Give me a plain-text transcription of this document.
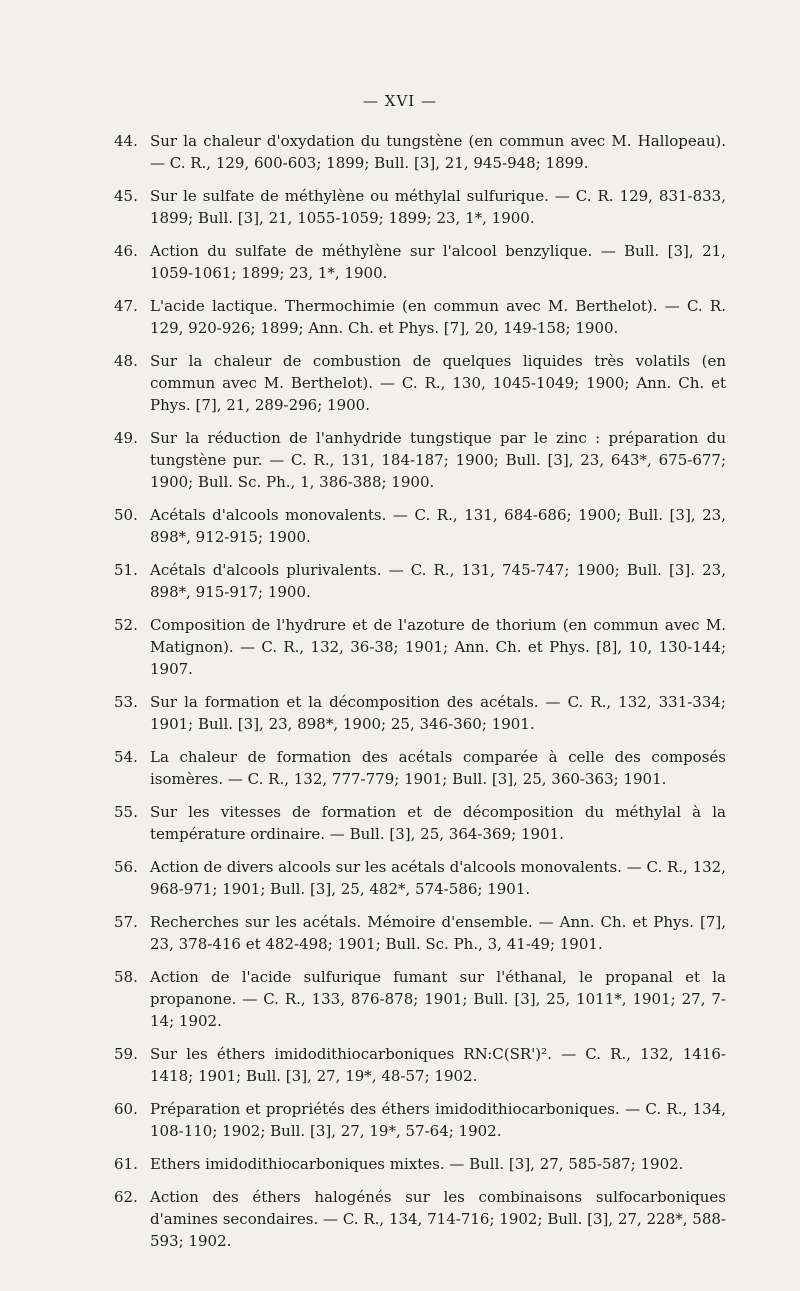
— XVI —
44. Sur la chaleur d'oxydation du tungstène (en commun avec M. Hallopeau). — C. R., 129, 600-603; 1899; Bull. [3], 21, 945-948; 1899.
45. Sur le sulfate de méthylène ou méthylal sulfurique. — C. R. 129, 831-833, 1899; Bull. [3], 21, 1055-1059; 1899; 23, 1*, 1900.
46. Action du sulfate de méthylène sur l'alcool benzylique. — Bull. [3], 21, 1059-1061; 1899; 23, 1*, 1900.
47. L'acide lactique. Thermochimie (en commun avec M. Berthelot). — C. R. 129, 920-926; 1899; Ann. Ch. et Phys. [7], 20, 149-158; 1900.
48. Sur la chaleur de combustion de quelques liquides très volatils (en commun avec M. Berthelot). — C. R., 130, 1045-1049; 1900; Ann. Ch. et Phys. [7], 21, 289-296; 1900.
49. Sur la réduction de l'anhydride tungstique par le zinc : préparation du tungstène pur. — C. R., 131, 184-187; 1900; Bull. [3], 23, 643*, 675-677; 1900; Bull. Sc. Ph., 1, 386-388; 1900.
50. Acétals d'alcools monovalents. — C. R., 131, 684-686; 1900; Bull. [3], 23, 898*, 912-915; 1900.
51. Acétals d'alcools plurivalents. — C. R., 131, 745-747; 1900; Bull. [3]. 23, 898*, 915-917; 1900.
52. Composition de l'hydrure et de l'azoture de thorium (en commun avec M. Matignon). — C. R., 132, 36-38; 1901; Ann. Ch. et Phys. [8], 10, 130-144; 1907.
53. Sur la formation et la décomposition des acétals. — C. R., 132, 331-334; 1901; Bull. [3], 23, 898*, 1900; 25, 346-360; 1901.
54. La chaleur de formation des acétals comparée à celle des composés isomères. — C. R., 132, 777-779; 1901; Bull. [3], 25, 360-363; 1901.
55. Sur les vitesses de formation et de décomposition du méthylal à la température ordinaire. — Bull. [3], 25, 364-369; 1901.
56. Action de divers alcools sur les acétals d'alcools monovalents. — C. R., 132, 968-971; 1901; Bull. [3], 25, 482*, 574-586; 1901.
57. Recherches sur les acétals. Mémoire d'ensemble. — Ann. Ch. et Phys. [7], 23, 378-416 et 482-498; 1901; Bull. Sc. Ph., 3, 41-49; 1901.
58. Action de l'acide sulfurique fumant sur l'éthanal, le propanal et la propanone. — C. R., 133, 876-878; 1901; Bull. [3], 25, 1011*, 1901; 27, 7-14; 1902.
59. Sur les éthers imidodithiocarboniques RN:C(SR')². — C. R., 132, 1416-1418; 1901; Bull. [3], 27, 19*, 48-57; 1902.
60. Préparation et propriétés des éthers imidodithiocarboniques. — C. R., 134, 108-110; 1902; Bull. [3], 27, 19*, 57-64; 1902.
61. Ethers imidodithiocarboniques mixtes. — Bull. [3], 27, 585-587; 1902.
62. Action des éthers halogénés sur les combinaisons sulfocarboniques d'amines secondaires. — C. R., 134, 714-716; 1902; Bull. [3], 27, 228*, 588-593; 1902.
